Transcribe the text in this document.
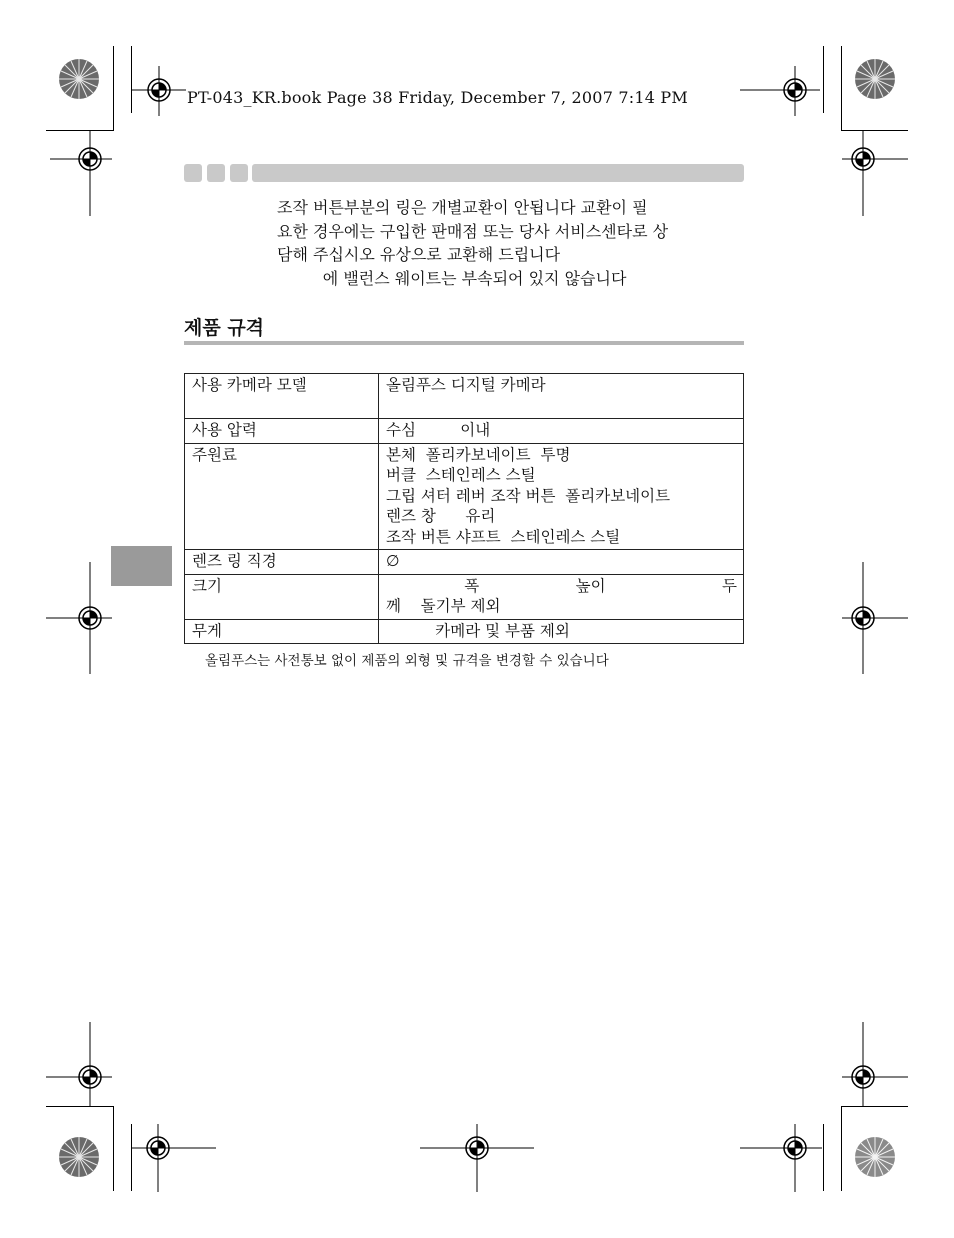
PT-043_KR.book Page 38 Friday, December 7, 2007 7:14 PM
조작 버튼부분의 링은 개별교환이 안됩니다 교환이 필
요한 경우에는 구입한 판매점 또는 당사 서비스센타로 상
담해 주십시오 유상으로 교환해 드립니다
에 밸런스 웨이트는 부속되어 있지 않습니다
제품 규격
사용 카메라 모델	올림푸스 디지털 카메라

사용 압력	수심         이내

주원료	본체  폴리카보네이트  투명
버클  스테인레스 스틸
그립 셔터 레버 조작 버튼  폴리카보네이트
렌즈 창      유리
조작 버튼 샤프트  스테인레스 스틸

렌즈 링 직경	∅

크기	폭 높이 두
께    돌기부 제외

무게	카메라 및 부품 제외
올림푸스는 사전통보 없이 제품의 외형 및 규격을 변경할 수 있습니다
